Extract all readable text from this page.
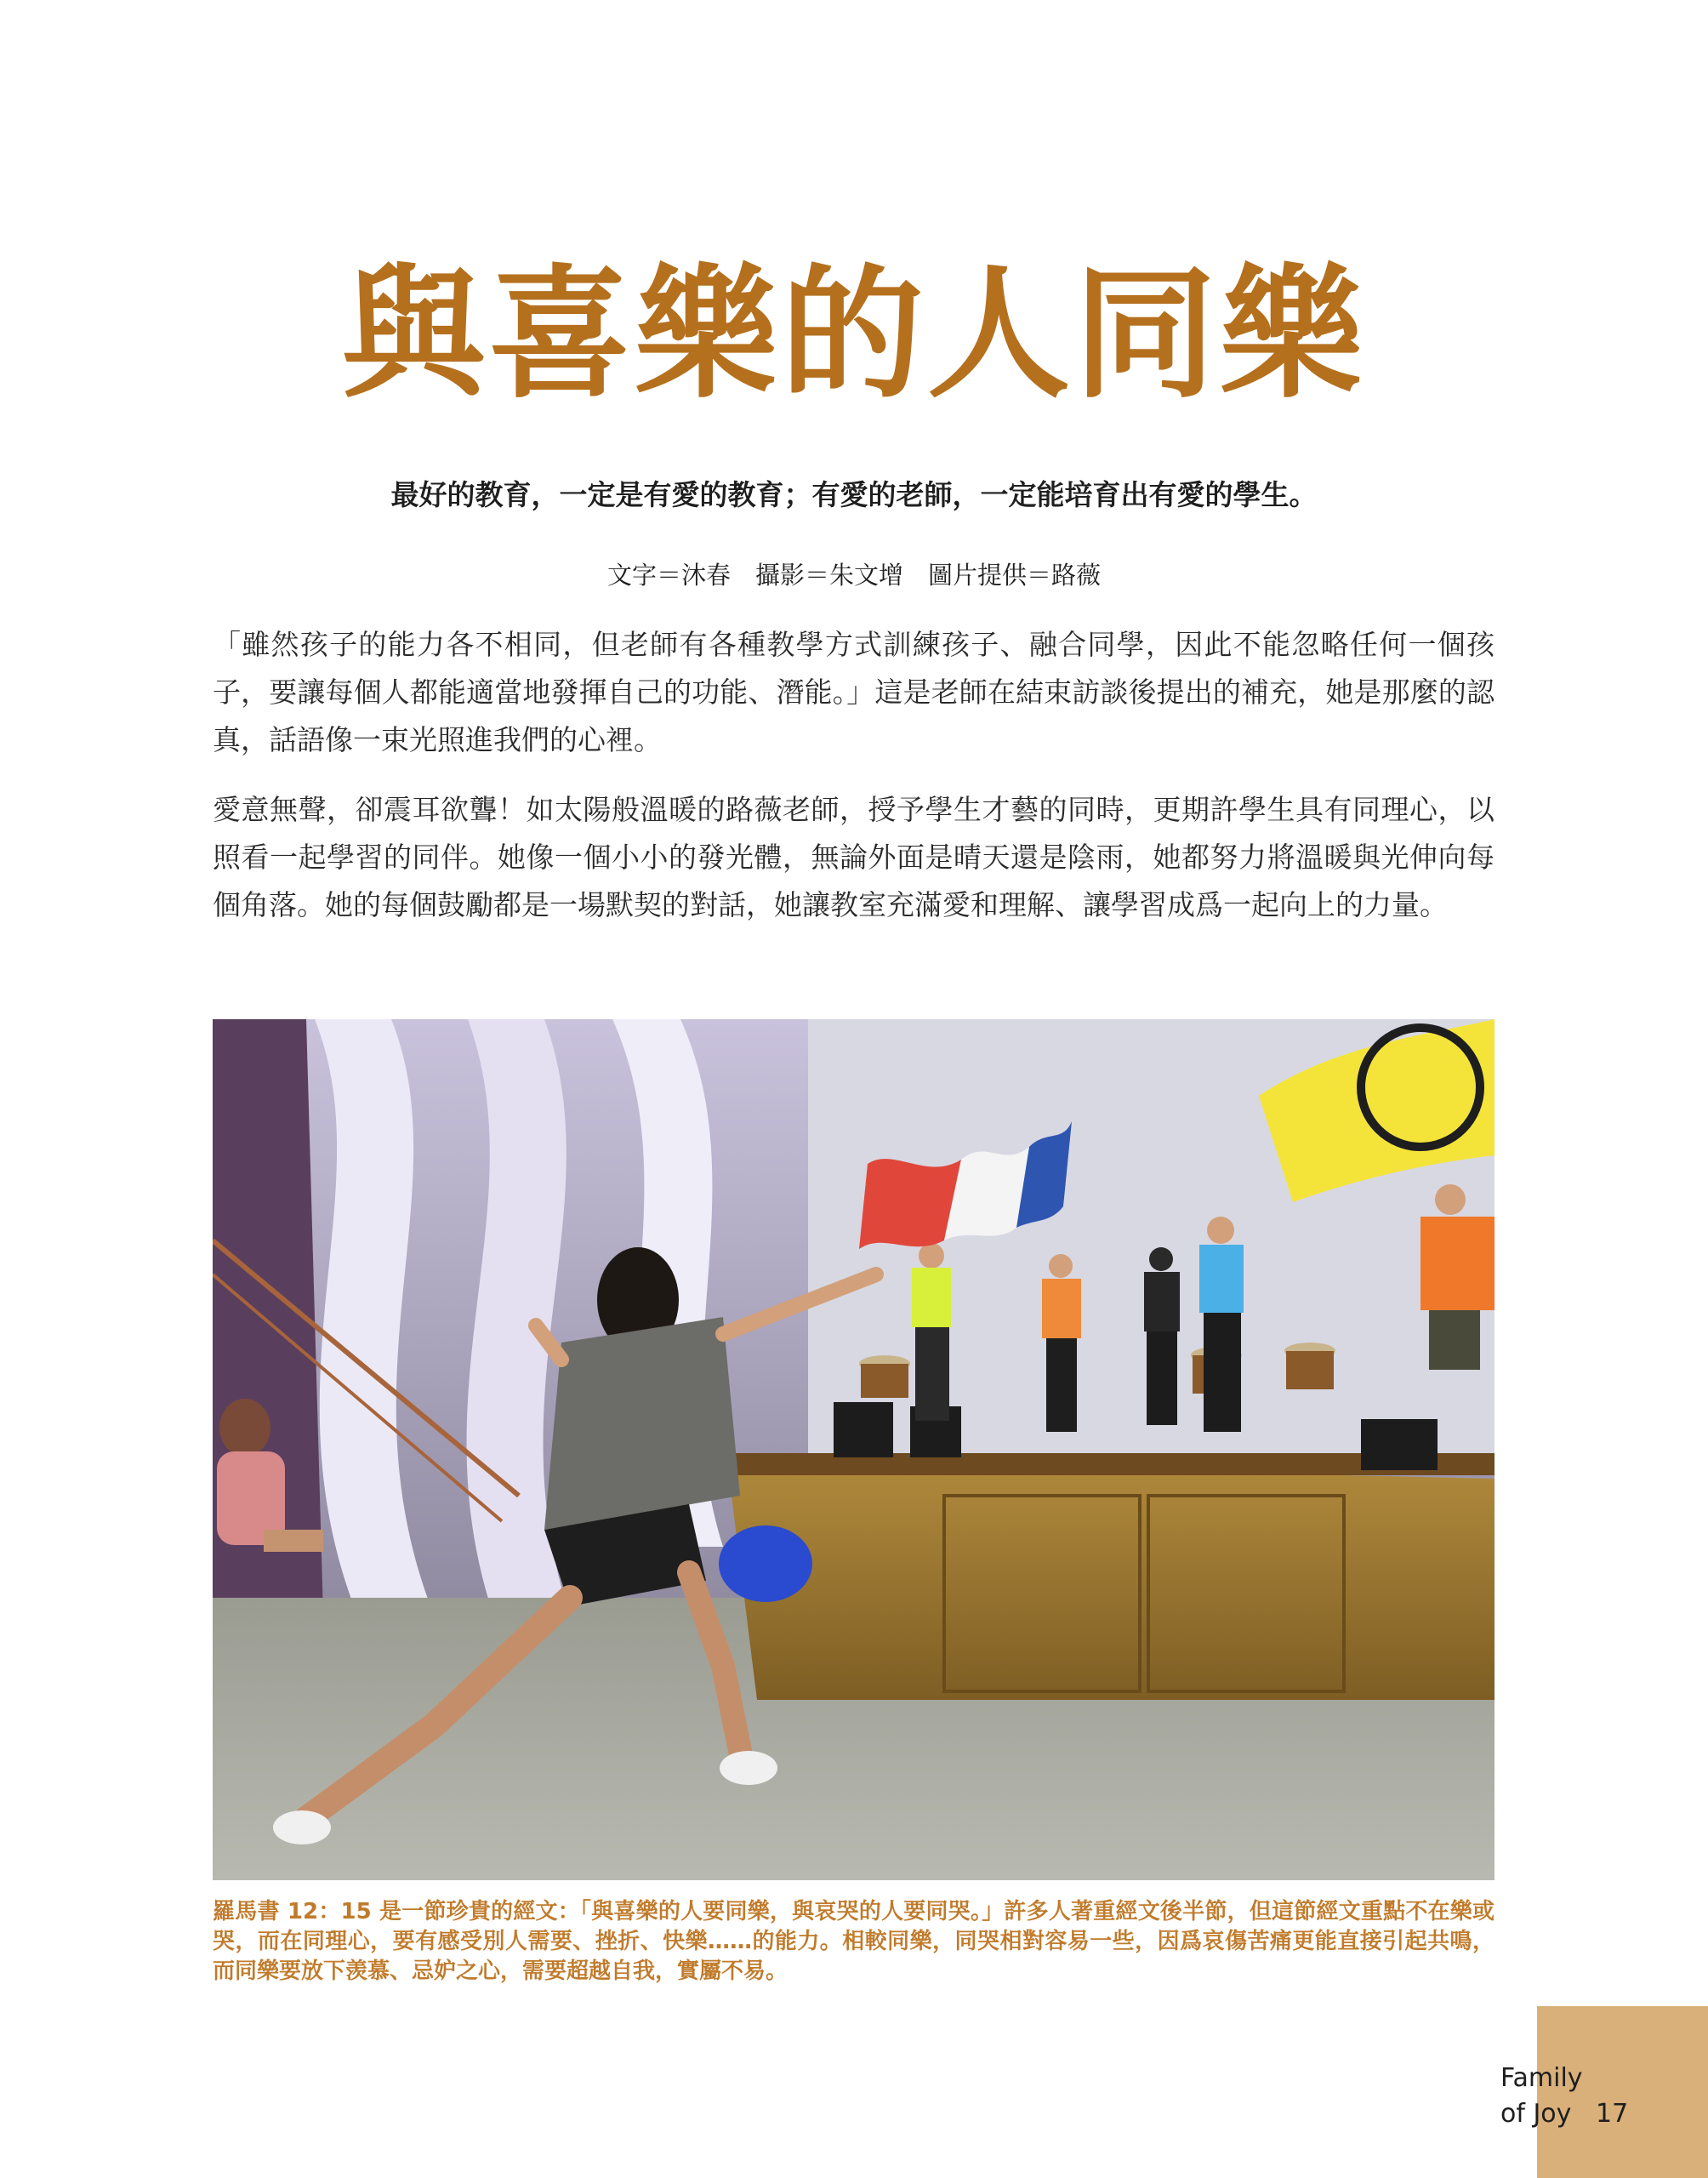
與喜樂的人同樂
最好的教育，一定是有愛的教育；有愛的老師，一定能培育出有愛的學生。
文字＝沐春　攝影＝朱文增　圖片提供＝路薇

「雖然孩子的能力各不相同，但老師有各種教學方式訓練孩子、融合同學，因此不能忽略任何一個孩子，要讓每個人都能適當地發揮自己的功能、潛能。」這是老師在結束訪談後提出的補充，她是那麼的認真，話語像一束光照進我們的心裡。

愛意無聲，卻震耳欲聾！如太陽般溫暖的路薇老師，授予學生才藝的同時，更期許學生具有同理心，以照看一起學習的同伴。她像一個小小的發光體，無論外面是晴天還是陰雨，她都努力將溫暖與光伸向每個角落。她的每個鼓勵都是一場默契的對話，她讓教室充滿愛和理解、讓學習成爲一起向上的力量。

羅馬書 12：15 是一節珍貴的經文：「與喜樂的人要同樂，與哀哭的人要同哭。」許多人著重經文後半節，但這節經文重點不在樂或哭，而在同理心，要有感受別人需要、挫折、快樂……的能力。相較同樂，同哭相對容易一些，因爲哀傷苦痛更能直接引起共鳴，而同樂要放下羡慕、忌妒之心，需要超越自我，實屬不易。

Family
of Joy 17
